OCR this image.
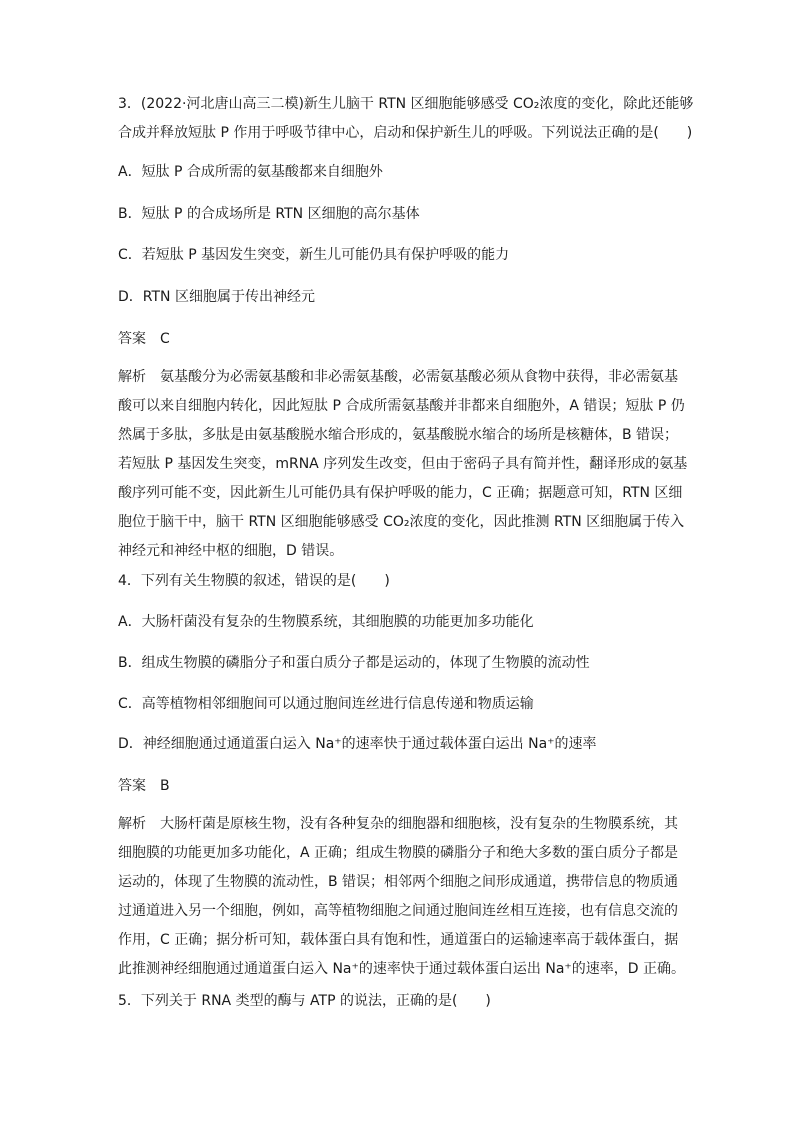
3．(2022·河北唐山高三二模)新生儿脑干 RTN 区细胞能够感受 CO₂浓度的变化，除此还能够
合成并释放短肽 P 作用于呼吸节律中心，启动和保护新生儿的呼吸。下列说法正确的是(　　)
A．短肽 P 合成所需的氨基酸都来自细胞外
B．短肽 P 的合成场所是 RTN 区细胞的高尔基体
C．若短肽 P 基因发生突变，新生儿可能仍具有保护呼吸的能力
D．RTN 区细胞属于传出神经元
答案 C
解析 氨基酸分为必需氨基酸和非必需氨基酸，必需氨基酸必须从食物中获得，非必需氨基
酸可以来自细胞内转化，因此短肽 P 合成所需氨基酸并非都来自细胞外，A 错误；短肽 P 仍
然属于多肽，多肽是由氨基酸脱水缩合形成的，氨基酸脱水缩合的场所是核糖体，B 错误；
若短肽 P 基因发生突变，mRNA 序列发生改变，但由于密码子具有简并性，翻译形成的氨基
酸序列可能不变，因此新生儿可能仍具有保护呼吸的能力，C 正确；据题意可知，RTN 区细
胞位于脑干中，脑干 RTN 区细胞能够感受 CO₂浓度的变化，因此推测 RTN 区细胞属于传入
神经元和神经中枢的细胞，D 错误。
4．下列有关生物膜的叙述，错误的是(　　)
A．大肠杆菌没有复杂的生物膜系统，其细胞膜的功能更加多功能化
B．组成生物膜的磷脂分子和蛋白质分子都是运动的，体现了生物膜的流动性
C．高等植物相邻细胞间可以通过胞间连丝进行信息传递和物质运输
D．神经细胞通过通道蛋白运入 Na⁺的速率快于通过载体蛋白运出 Na⁺的速率
答案 B
解析 大肠杆菌是原核生物，没有各种复杂的细胞器和细胞核，没有复杂的生物膜系统，其
细胞膜的功能更加多功能化，A 正确；组成生物膜的磷脂分子和绝大多数的蛋白质分子都是
运动的，体现了生物膜的流动性，B 错误；相邻两个细胞之间形成通道，携带信息的物质通
过通道进入另一个细胞，例如，高等植物细胞之间通过胞间连丝相互连接，也有信息交流的
作用，C 正确；据分析可知，载体蛋白具有饱和性，通道蛋白的运输速率高于载体蛋白，据
此推测神经细胞通过通道蛋白运入 Na⁺的速率快于通过载体蛋白运出 Na⁺的速率，D 正确。
5．下列关于 RNA 类型的酶与 ATP 的说法，正确的是(　　)
